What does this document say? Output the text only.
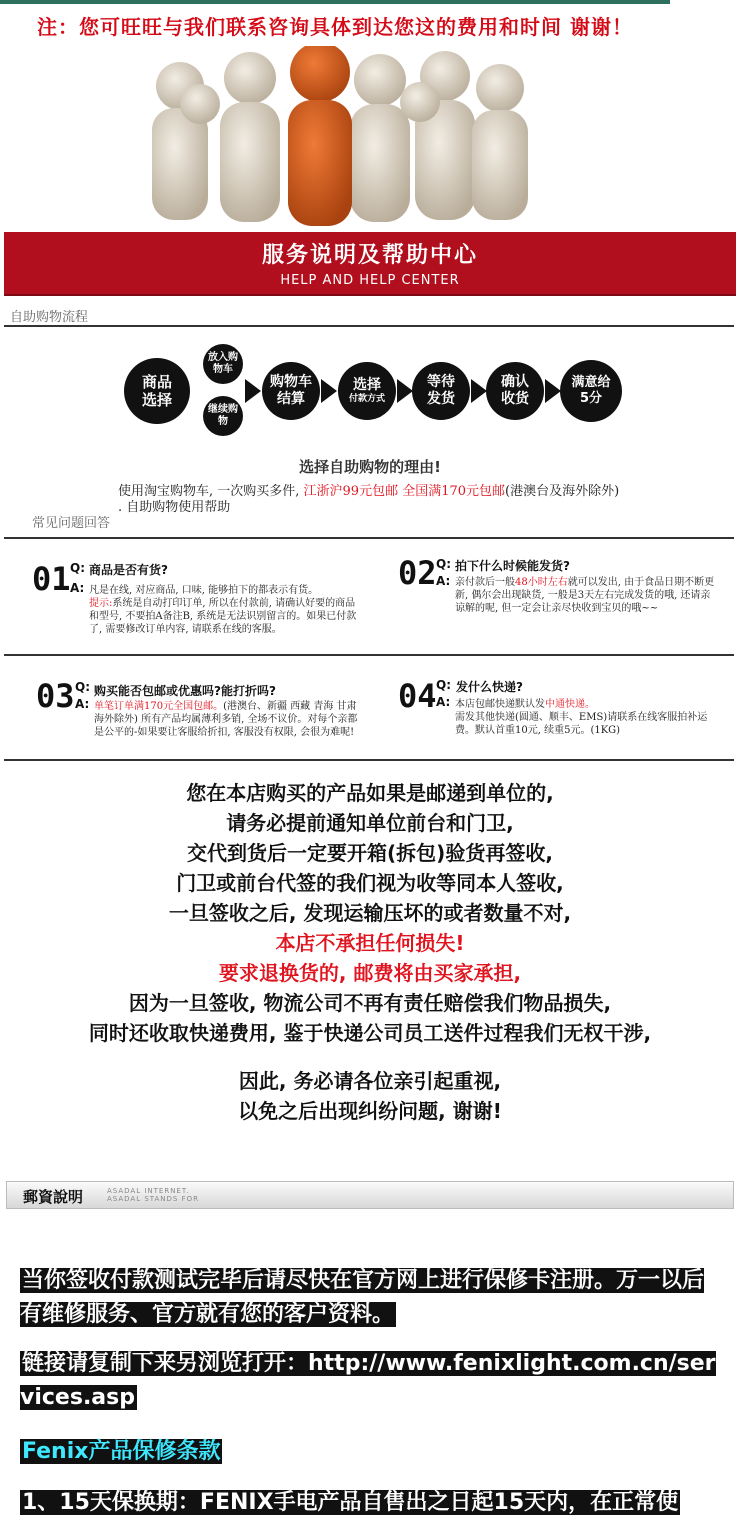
注：您可旺旺与我们联系咨询具体到达您这的费用和时间 谢谢！
服务说明及帮助中心
HELP AND HELP CENTER
自助购物流程
商品选择
放入购物车
继续购物
购物车结算
选择
付款方式
等待发货
确认收货
满意给
5分
选择自助购物的理由!
使用淘宝购物车, 一次购买多件, 江浙沪99元包邮 全国满170元包邮(港澳台及海外除外)
. 自助购物使用帮助
常见问题回答
01 Q: 商品是否有货?
A: 凡是在线, 对应商品, 口味, 能够拍下的都表示有货。
提示:系统是自动打印订单, 所以在付款前, 请确认好要的商品和型号, 不要拍A备注B, 系统是无法识别留言的。如果已付款了, 需要修改订单内容, 请联系在线的客服。
02 Q: 拍下什么时候能发货?
A: 亲付款后一般48小时左右就可以发出, 由于食品日期不断更新, 偶尔会出现缺货, 一般是3天左右完成发货的哦, 还请亲谅解的呢, 但一定会让亲尽快收到宝贝的哦~~
03 Q: 购买能否包邮或优惠吗?能打折吗?
A: 单笔订单满170元全国包邮。(港澳台、新疆 西藏 青海 甘肃 海外除外) 所有产品均属薄利多销, 全场不议价。对每个亲都是公平的-如果要让客服给折扣, 客服没有权限, 会很为难呢!
04 Q: 发什么快递?
A: 本店包邮快递默认发中通快递。
需发其他快递(圆通、顺丰、EMS)请联系在线客服拍补运费。默认首重10元, 续重5元。(1KG)

您在本店购买的产品如果是邮递到单位的,

请务必提前通知单位前台和门卫,

交代到货后一定要开箱(拆包)验货再签收,

门卫或前台代签的我们视为收等同本人签收,

一旦签收之后, 发现运输压坏的或者数量不对,

本店不承担任何损失!

要求退换货的, 邮费将由买家承担,

因为一旦签收, 物流公司不再有责任赔偿我们物品损失,

同时还收取快递费用, 鉴于快递公司员工送件过程我们无权干涉,

因此, 务必请各位亲引起重视,

以免之后出现纠纷问题, 谢谢!

郵資說明	ASADAL INTERNET.
ASADAL STANDS FOR
当你签收付款测试完毕后请尽快在官方网上进行保修卡注册。万一以后有维修服务、官方就有您的客户资料。
链接请复制下来另浏览打开：http://www.fenixlight.com.cn/services.asp
Fenix产品保修条款
1、15天保换期：FENIX手电产品自售出之日起15天内，在正常使
